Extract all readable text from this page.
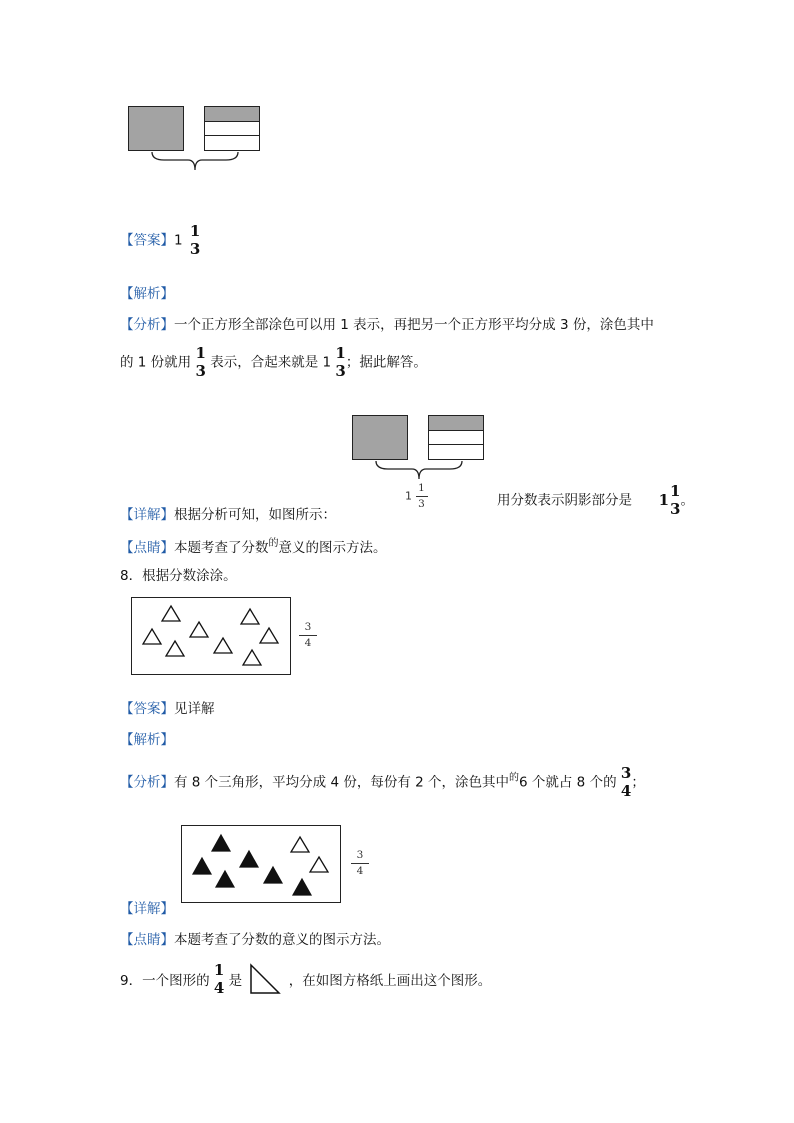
【答案】1
1
3
【解析】
【分析】一个正方形全部涂色可以用 1 表示，再把另一个正方形平均分成 3 份，涂色其中
的 1 份就用
1
3 表示，合起来就是 1
1
3 ；据此解答。
$1 \frac{1}{3}$
【详解】根据分析可知，如图所示：
用分数表示阴影部分是 1 1
3 。
【点睛】本题考查了分数$^的$意义的图示方法。
8．根据分数涂涂。
$\frac{3}{4}$
【答案】见详解
【解析】
【分析】有 8 个三角形，平均分成 4 份，每份有 2 个，涂色其中$^的$6 个就占 8 个的
3
4 ；
$\frac{3}{4}$
【详解】
【点睛】本题考查了分数的意义的图示方法。
9．一个图形的
1
4 是	，在如图方格纸上画出这个图形。
